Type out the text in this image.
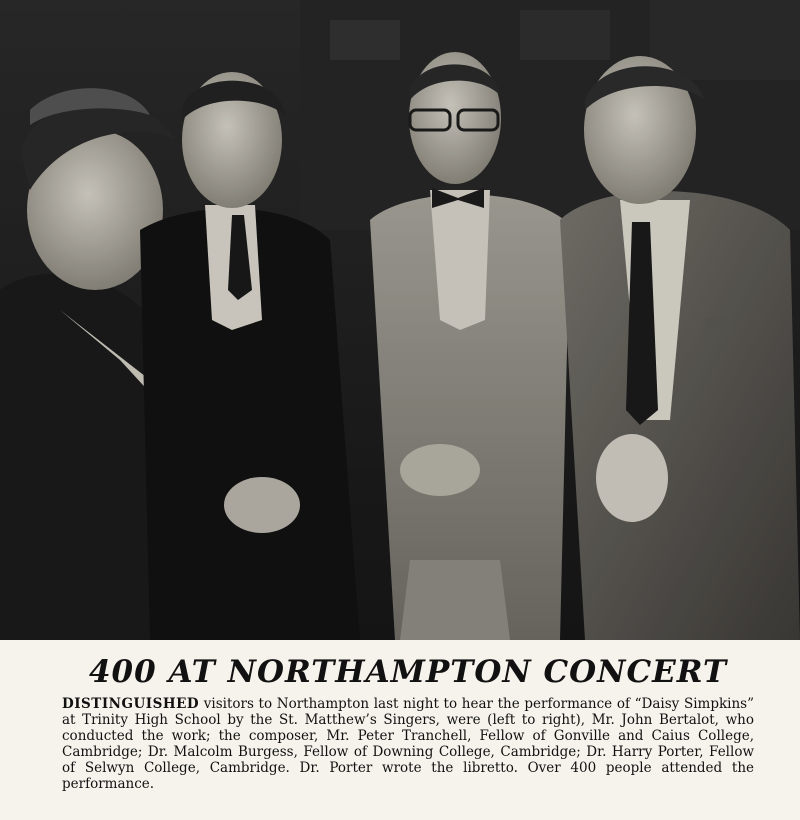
400 AT NORTHAMPTON CONCERT

DISTINGUISHED visitors to Northampton last night to hear the performance of “Daisy Simpkins” at Trinity High School by the St. Matthew’s Singers, were (left to right), Mr. John Bertalot, who conducted the work; the composer, Mr. Peter Tranchell, Fellow of Gonville and Caius College, Cambridge; Dr. Malcolm Burgess, Fellow of Downing College, Cambridge; Dr. Harry Porter, Fellow of Selwyn College, Cambridge. Dr. Porter wrote the libretto. Over 400 people attended the performance.
